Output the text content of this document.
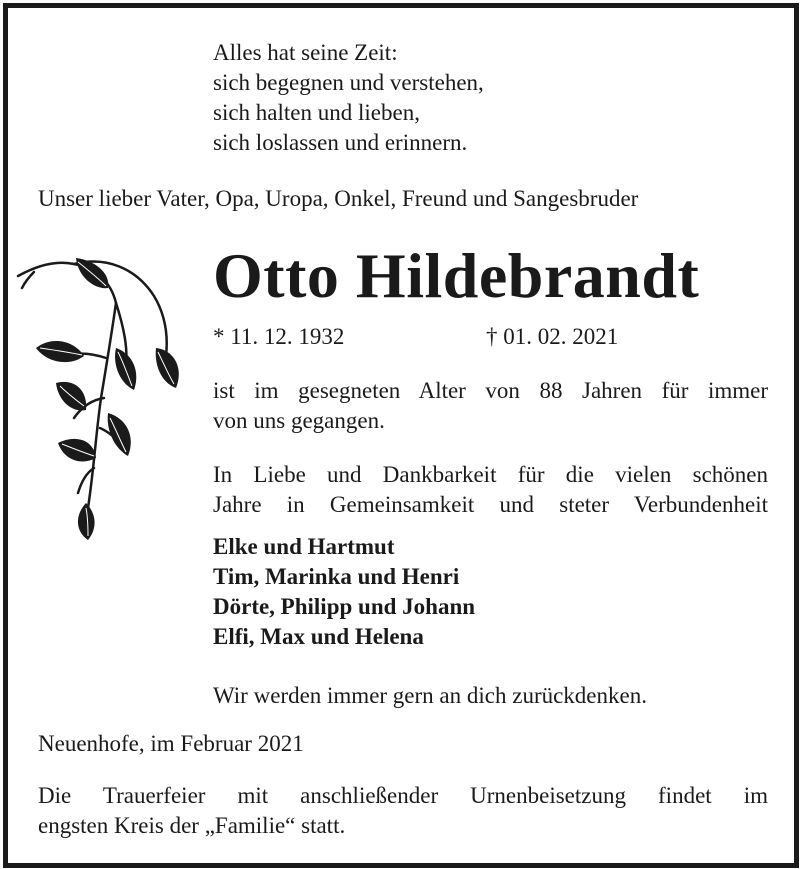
Alles hat seine Zeit:
sich begegnen und verstehen,
sich halten und lieben,
sich loslassen und erinnern.
Unser lieber Vater, Opa, Uropa, Onkel, Freund und Sangesbruder
Otto Hildebrandt
* 11. 12. 1932	† 01. 02. 2021
ist im gesegneten Alter von 88 Jahren für immer
von uns gegangen.
In Liebe und Dankbarkeit für die vielen schönen
Jahre in Gemeinsamkeit und steter Verbundenheit
Elke und Hartmut
Tim, Marinka und Henri
Dörte, Philipp und Johann
Elfi, Max und Helena
Wir werden immer gern an dich zurückdenken.
Neuenhofe, im Februar 2021
Die Trauerfeier mit anschließender Urnenbeisetzung findet im
engsten Kreis der „Familie“ statt.
